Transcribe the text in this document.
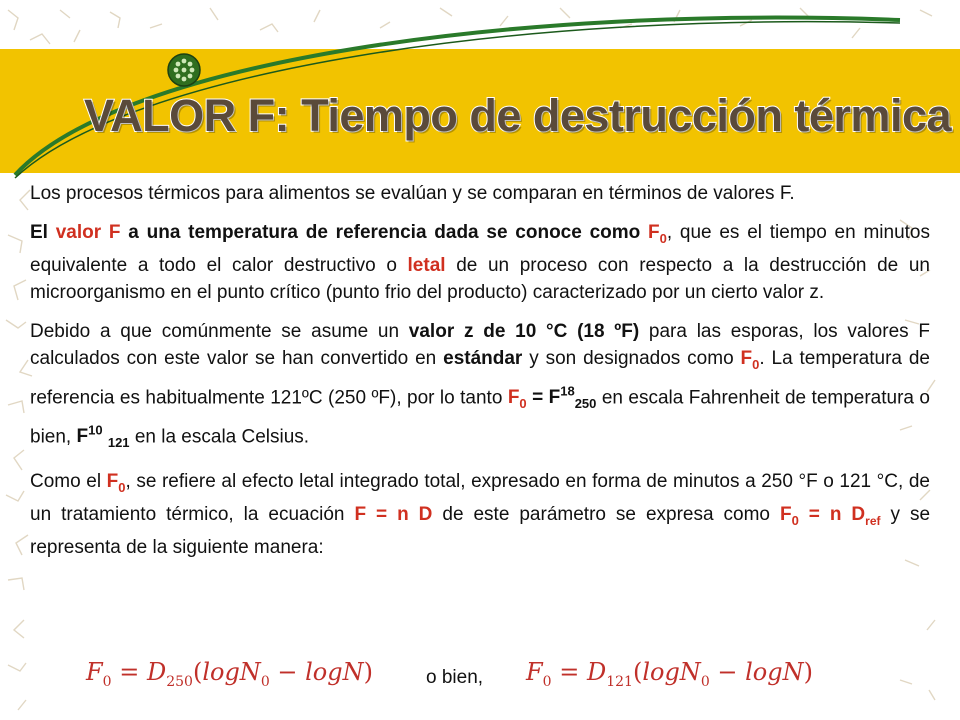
VALOR F: Tiempo de destrucción térmica

Los procesos térmicos para alimentos se evalúan y se comparan en términos de valores F.

El valor F a una temperatura de referencia dada se conoce como $F_0$, que es el tiempo en minutos equivalente a todo el calor destructivo o letal de un proceso con respecto a la destrucción de un microorganismo en el punto crítico (punto frio del producto) caracterizado por un cierto valor z.

Debido a que comúnmente se asume un valor z de 10 °C (18 ºF) para las esporas, los valores F calculados con este valor se han convertido en estándar y son designados como $F_0$. La temperatura de referencia es habitualmente 121ºC (250 ºF), por lo tanto $F_0 = F^{18}_{250}$ en escala Fahrenheit de temperatura o bien, $F^{10}$ $_{121}$ en la escala Celsius.

Como el $F_0$, se refiere al efecto letal integrado total, expresado en forma de minutos a 250 °F o 121 °C, de un tratamiento térmico, la ecuación F = n D de este parámetro se expresa como $F_0 = n$ $D_{ref}$ y se representa de la siguiente manera:

$F_0 = D_{250}(\log N_0 - \log N)$	o bien, $F_0 = D_{121}(\log N_0 - \log N)$
